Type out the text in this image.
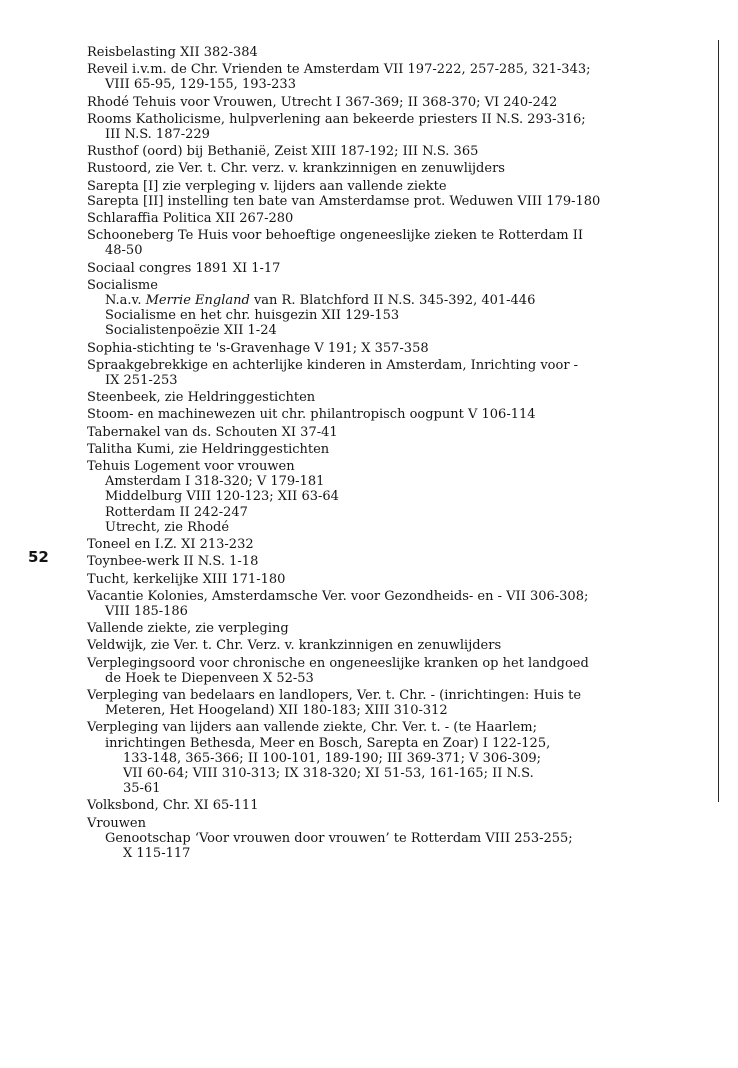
52
Reisbelasting XII 382-384
Reveil i.v.m. de Chr. Vrienden te Amsterdam VII 197-222, 257-285, 321-343;
VIII 65-95, 129-155, 193-233
Rhodé Tehuis voor Vrouwen, Utrecht I 367-369; II 368-370; VI 240-242
Rooms Katholicisme, hulpverlening aan bekeerde priesters II N.S. 293-316;
III N.S. 187-229
Rusthof (oord) bij Bethanië, Zeist XIII 187-192; III N.S. 365
Rustoord, zie Ver. t. Chr. verz. v. krankzinnigen en zenuwlijders
Sarepta [I] zie verpleging v. lijders aan vallende ziekte
Sarepta [II] instelling ten bate van Amsterdamse prot. Weduwen VIII 179-180
Schlaraffia Politica XII 267-280
Schooneberg Te Huis voor behoeftige ongeneeslijke zieken te Rotterdam II
48-50
Sociaal congres 1891 XI 1-17
Socialisme
N.a.v. Merrie England van R. Blatchford II N.S. 345-392, 401-446
Socialisme en het chr. huisgezin XII 129-153
Socialistenpoëzie XII 1-24
Sophia-stichting te 's-Gravenhage V 191; X 357-358
Spraakgebrekkige en achterlijke kinderen in Amsterdam, Inrichting voor -
IX 251-253
Steenbeek, zie Heldringgestichten
Stoom- en machinewezen uit chr. philantropisch oogpunt V 106-114
Tabernakel van ds. Schouten XI 37-41
Talitha Kumi, zie Heldringgestichten
Tehuis Logement voor vrouwen
Amsterdam I 318-320; V 179-181
Middelburg VIII 120-123; XII 63-64
Rotterdam II 242-247
Utrecht, zie Rhodé
Toneel en I.Z. XI 213-232
Toynbee-werk II N.S. 1-18
Tucht, kerkelijke XIII 171-180
Vacantie Kolonies, Amsterdamsche Ver. voor Gezondheids- en - VII 306-308;
VIII 185-186
Vallende ziekte, zie verpleging
Veldwijk, zie Ver. t. Chr. Verz. v. krankzinnigen en zenuwlijders
Verplegingsoord voor chronische en ongeneeslijke kranken op het landgoed
de Hoek te Diepenveen X 52-53
Verpleging van bedelaars en landlopers, Ver. t. Chr. - (inrichtingen: Huis te
Meteren, Het Hoogeland) XII 180-183; XIII 310-312
Verpleging van lijders aan vallende ziekte, Chr. Ver. t. - (te Haarlem;
inrichtingen Bethesda, Meer en Bosch, Sarepta en Zoar) I 122-125,
133-148, 365-366; II 100-101, 189-190; III 369-371; V 306-309;
VII 60-64; VIII 310-313; IX 318-320; XI 51-53, 161-165; II N.S.
35-61
Volksbond, Chr. XI 65-111
Vrouwen
Genootschap ‘Voor vrouwen door vrouwen’ te Rotterdam VIII 253-255;
X 115-117
